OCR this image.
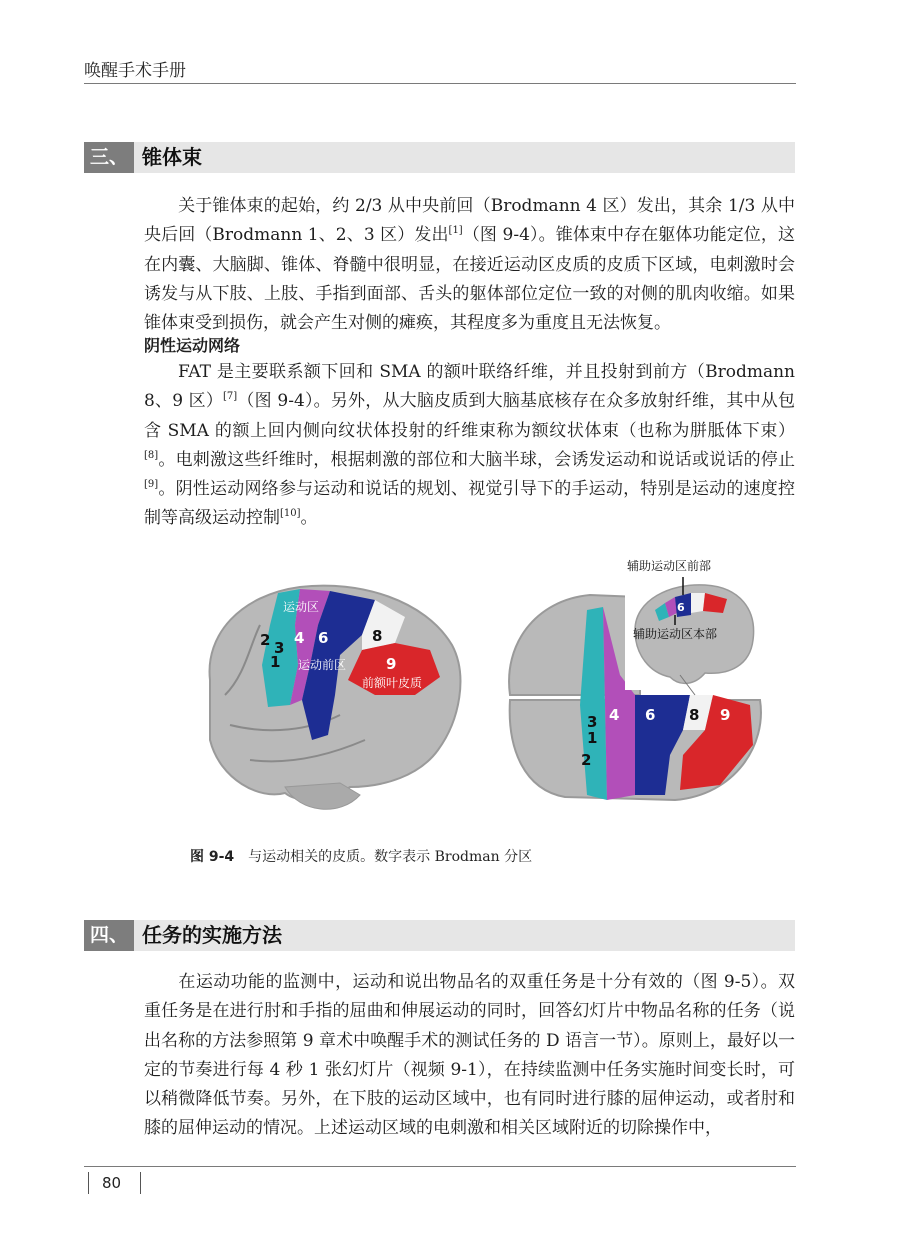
唤醒手术手册
三、 锥体束

关于锥体束的起始，约 2/3 从中央前回（Brodmann 4 区）发出，其余 1/3 从中央后回（Brodmann 1、2、3 区）发出[1]（图 9-4）。锥体束中存在躯体功能定位，这在内囊、大脑脚、锥体、脊髓中很明显，在接近运动区皮质的皮质下区域，电刺激时会诱发与从下肢、上肢、手指到面部、舌头的躯体部位定位一致的对侧的肌肉收缩。如果锥体束受到损伤，就会产生对侧的瘫痪，其程度多为重度且无法恢复。

阴性运动网络

FAT 是主要联系额下回和 SMA 的额叶联络纤维，并且投射到前方（Brodmann 8、9 区）[7]（图 9-4）。另外，从大脑皮质到大脑基底核存在众多放射纤维，其中从包含 SMA 的额上回内侧向纹状体投射的纤维束称为额纹状体束（也称为胼胝体下束）[8]。电刺激这些纤维时，根据刺激的部位和大脑半球，会诱发运动和说话或说话的停止[9]。阴性运动网络参与运动和说话的规划、视觉引导下的手运动，特别是运动的速度控制等高级运动控制[10]。

2 3
1
4 6	8
9
运动区
运动前区
前额叶皮质
3
1
2
4 6 8 9
6
辅助运动区前部
辅助运动区本部
图 9-4 与运动相关的皮质。数字表示 Brodman 分区
四、 任务的实施方法

在运动功能的监测中，运动和说出物品名的双重任务是十分有效的（图 9-5）。双重任务是在进行肘和手指的屈曲和伸展运动的同时，回答幻灯片中物品名称的任务（说出名称的方法参照第 9 章术中唤醒手术的测试任务的 D 语言一节）。原则上，最好以一定的节奏进行每 4 秒 1 张幻灯片（视频 9-1），在持续监测中任务实施时间变长时，可以稍微降低节奏。另外，在下肢的运动区域中，也有同时进行膝的屈伸运动，或者肘和膝的屈伸运动的情况。上述运动区域的电刺激和相关区域附近的切除操作中，

80
